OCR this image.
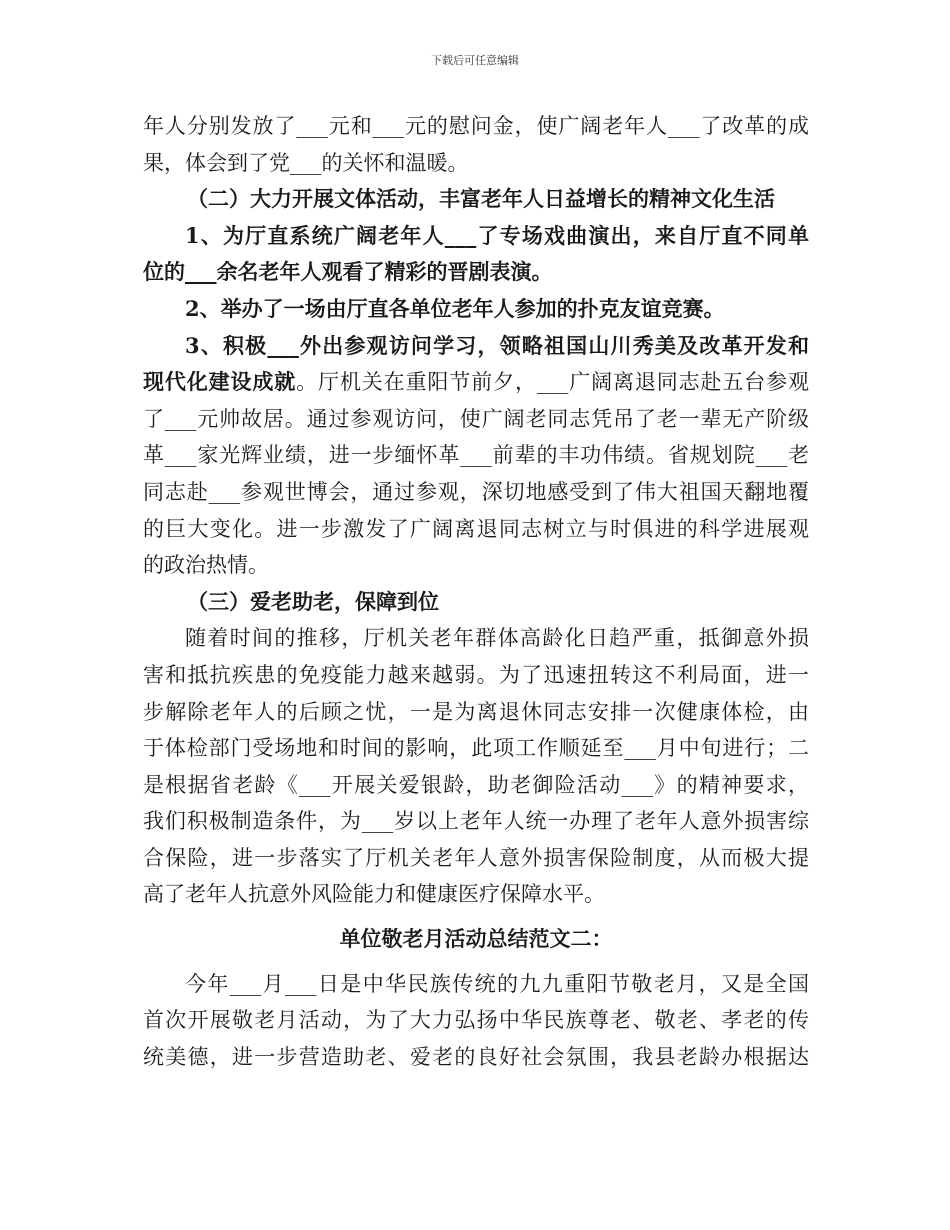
下载后可任意编辑
年人分别发放了___元和___元的慰问金，使广阔老年人___了改革的成
果，体会到了党___的关怀和温暖。
（二）大力开展文体活动，丰富老年人日益增长的精神文化生活
1、为厅直系统广阔老年人___了专场戏曲演出，来自厅直不同单
位的___余名老年人观看了精彩的晋剧表演。
2、举办了一场由厅直各单位老年人参加的扑克友谊竞赛。
3、积极___外出参观访问学习，领略祖国山川秀美及改革开发和
现代化建设成就。厅机关在重阳节前夕，___广阔离退同志赴五台参观
了___元帅故居。通过参观访问，使广阔老同志凭吊了老一辈无产阶级
革___家光辉业绩，进一步缅怀革___前辈的丰功伟绩。省规划院___老
同志赴___参观世博会，通过参观，深切地感受到了伟大祖国天翻地覆
的巨大变化。进一步激发了广阔离退同志树立与时俱进的科学进展观
的政治热情。
（三）爱老助老，保障到位
随着时间的推移，厅机关老年群体高龄化日趋严重，抵御意外损
害和抵抗疾患的免疫能力越来越弱。为了迅速扭转这不利局面，进一
步解除老年人的后顾之忧，一是为离退休同志安排一次健康体检，由
于体检部门受场地和时间的影响，此项工作顺延至___月中旬进行；二
是根据省老龄《___开展关爱银龄，助老御险活动___》的精神要求，
我们积极制造条件，为___岁以上老年人统一办理了老年人意外损害综
合保险，进一步落实了厅机关老年人意外损害保险制度，从而极大提
高了老年人抗意外风险能力和健康医疗保障水平。
单位敬老月活动总结范文二：
今年___月___日是中华民族传统的九九重阳节敬老月，又是全国
首次开展敬老月活动，为了大力弘扬中华民族尊老、敬老、孝老的传
统美德，进一步营造助老、爱老的良好社会氛围，我县老龄办根据达
